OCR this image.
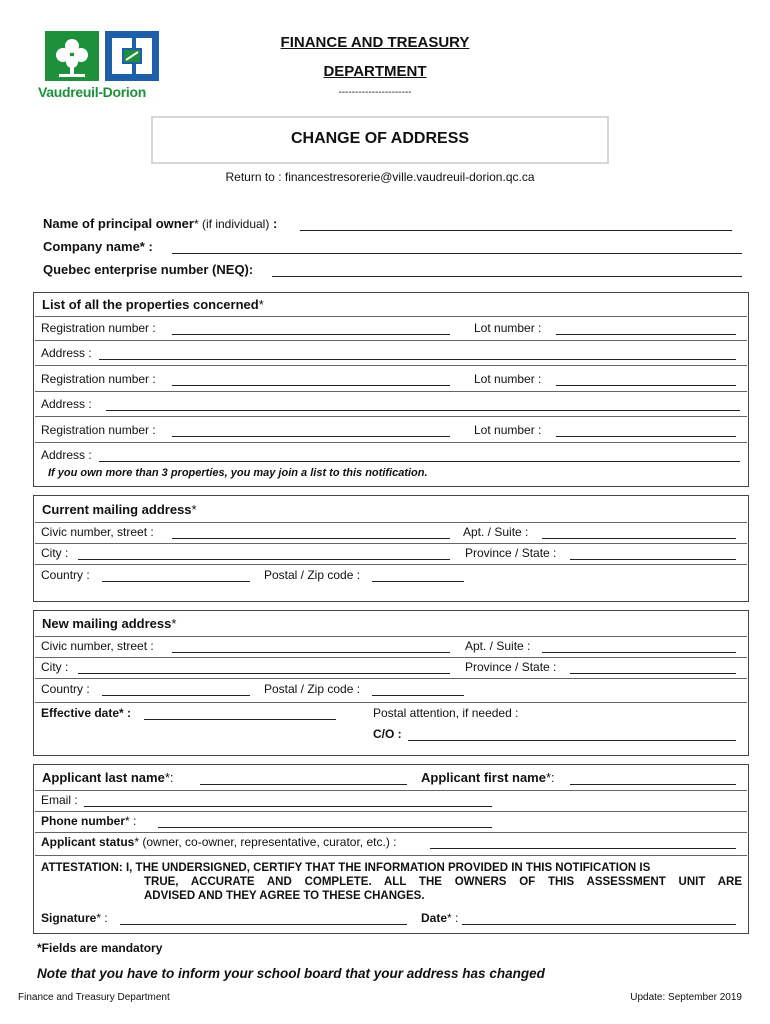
Vaudreuil-Dorion
FINANCE AND TREASURY
DEPARTMENT
----------------------
CHANGE OF ADDRESS
Return to : financestresorerie@ville.vaudreuil-dorion.qc.ca
Name of principal owner* (if individual) :
Company name* :
Quebec enterprise number (NEQ):
List of all the properties concerned*
Registration number :	Lot number :
Address :
Registration number :	Lot number :
Address :
Registration number :	Lot number :
Address :
If you own more than 3 properties, you may join a list to this notification.
Current mailing address*
Civic number, street :	Apt. / Suite :
City :	Province / State :
Country :	Postal / Zip code :
New mailing address*
Civic number, street :	Apt. / Suite :
City :	Province / State :
Country :	Postal / Zip code :
Effective date* :	Postal attention, if needed :
C/O :
Applicant last name*:	Applicant first name*:
Email :
Phone number* :
Applicant status* (owner, co-owner, representative, curator, etc.) :
ATTESTATION: I, THE UNDERSIGNED, CERTIFY THAT THE INFORMATION PROVIDED IN THIS NOTIFICATION IS
TRUE, ACCURATE AND COMPLETE. ALL THE OWNERS OF THIS ASSESSMENT UNIT ARE
ADVISED AND THEY AGREE TO THESE CHANGES.
Signature* :	Date* :
*Fields are mandatory
Note that you have to inform your school board that your address has changed
Finance and Treasury Department	Update: September 2019
